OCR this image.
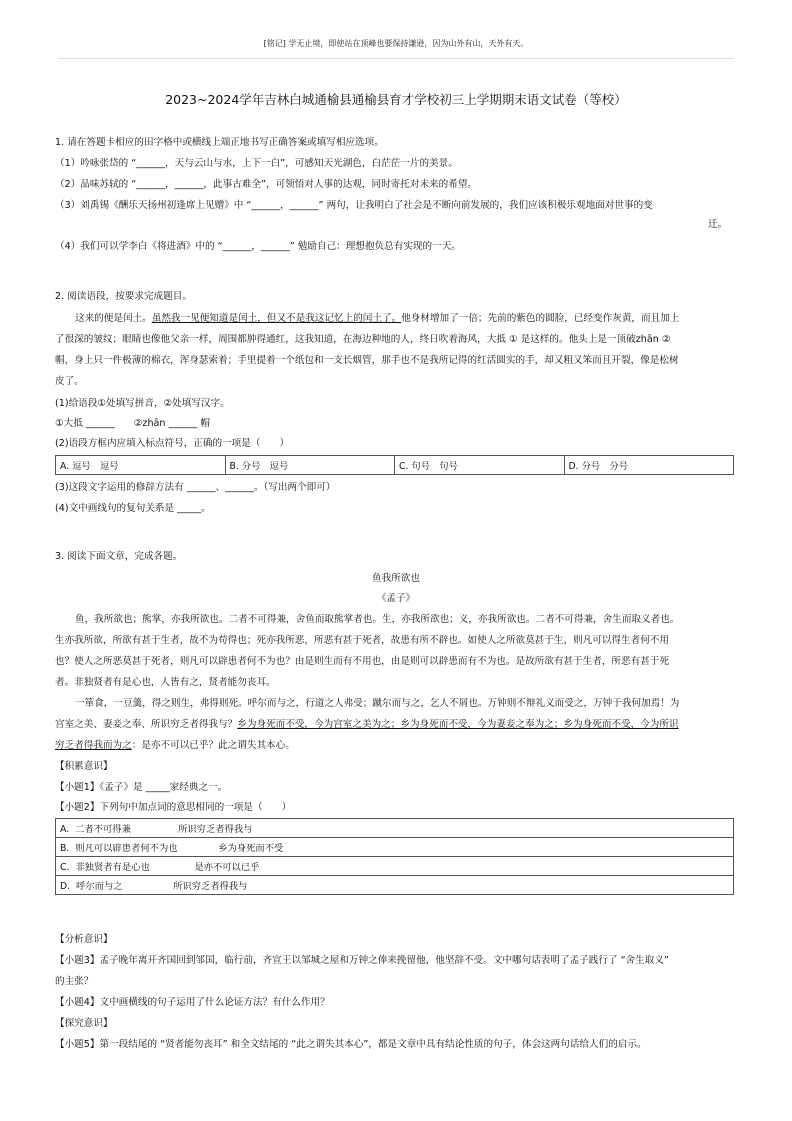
[铭记] 学无止境，即使站在顶峰也要保持谦逊，因为山外有山，天外有天。
2023~2024学年吉林白城通榆县通榆县育才学校初三上学期期末语文试卷（等校）
1. 请在答题卡相应的田字格中或横线上端正地书写正确答案或填写相应选项。
（1）吟咏张岱的 “______，天与云山与水，上下一白”，可感知天光湖色，白茫茫一片的美景。
（2）品味苏轼的 “______，______，此事古难全”，可领悟对人事的达观，同时寄托对未来的希望。
（3）刘禹锡《酬乐天扬州初逢席上见赠》中 “______，______” 两句，让我明白了社会是不断向前发展的，我们应该积极乐观地面对世事的变
迁。
（4）我们可以学李白《将进酒》中的 “______，______” 勉励自己：理想抱负总有实现的一天。
2. 阅读语段，按要求完成题目。
这来的便是闰土。虽然我一见便知道是闰土，但又不是我这记忆上的闰土了。他身材增加了一倍；先前的紫色的圆脸，已经变作灰黄，而且加上
了很深的皱纹；眼睛也像他父亲一样，周围都肿得通红，这我知道，在海边种地的人，终日吹着海风，大抵 ① 是这样的。他头上是一顶破zhān ②
帽，身上只一件极薄的棉衣，浑身瑟索着；手里提着一个纸包和一支长烟管，那手也不是我所记得的红活圆实的手，却又粗又笨而且开裂，像是松树
皮了。
(1)给语段①处填写拼音，②处填写汉字。
①大抵 ______　　②zhān ______ 帽
(2)语段方框内应填入标点符号，正确的一项是（　　）
A. 逗号　逗号	B. 分号　逗号	C. 句号　句号	D. 分号　分号
(3)这段文字运用的修辞方法有 ______、______。（写出两个即可）
(4)文中画线句的复句关系是 _____。
3. 阅读下面文章，完成各题。
鱼我所欲也
《孟子》
鱼，我所欲也；熊掌，亦我所欲也。二者不可得兼，舍鱼而取熊掌者也。生，亦我所欲也；义，亦我所欲也。二者不可得兼，舍生而取义者也。
生亦我所欲，所欲有甚于生者，故不为苟得也；死亦我所恶，所恶有甚于死者，故患有所不辟也。如使人之所欲莫甚于生，则凡可以得生者何不用
也？使人之所恶莫甚于死者，则凡可以辟患者何不为也？由是则生而有不用也，由是则可以辟患而有不为也。是故所欲有甚于生者，所恶有甚于死
者。非独贤者有是心也，人皆有之，贤者能勿丧耳。
一箪食，一豆羹，得之则生，弗得则死。呼尔而与之，行道之人弗受；蹴尔而与之，乞人不屑也。万钟则不辩礼义而受之，万钟于我何加焉！为
宫室之美、妻妾之奉、所识穷乏者得我与？乡为身死而不受，今为宫室之美为之；乡为身死而不受，今为妻妾之奉为之；乡为身死而不受，今为所识
穷乏者得我而为之：是亦不可以已乎？此之谓失其本心。
【积累意识】
【小题1】《孟子》是 _____家经典之一。
【小题2】下列句中加点词的意思相同的一项是（　　）
A. 二者不可得兼	所识穷乏者得我与
B. 则凡可以辟患者何不为也	乡为身死而不受
C. 非独贤者有是心也	是亦不可以已乎
D. 呼尔而与之	所识穷乏者得我与
【分析意识】
【小题3】孟子晚年离开齐国回到邹国，临行前，齐宣王以邹城之屋和万钟之俸来挽留他，他坚辞不受。文中哪句话表明了孟子践行了 “舍生取义”
的主张？
【小题4】文中画横线的句子运用了什么论证方法？有什么作用？
【探究意识】
【小题5】第一段结尾的 “贤者能勿丧耳” 和全文结尾的 “此之谓失其本心”，都是文章中具有结论性质的句子，体会这两句话给人们的启示。
